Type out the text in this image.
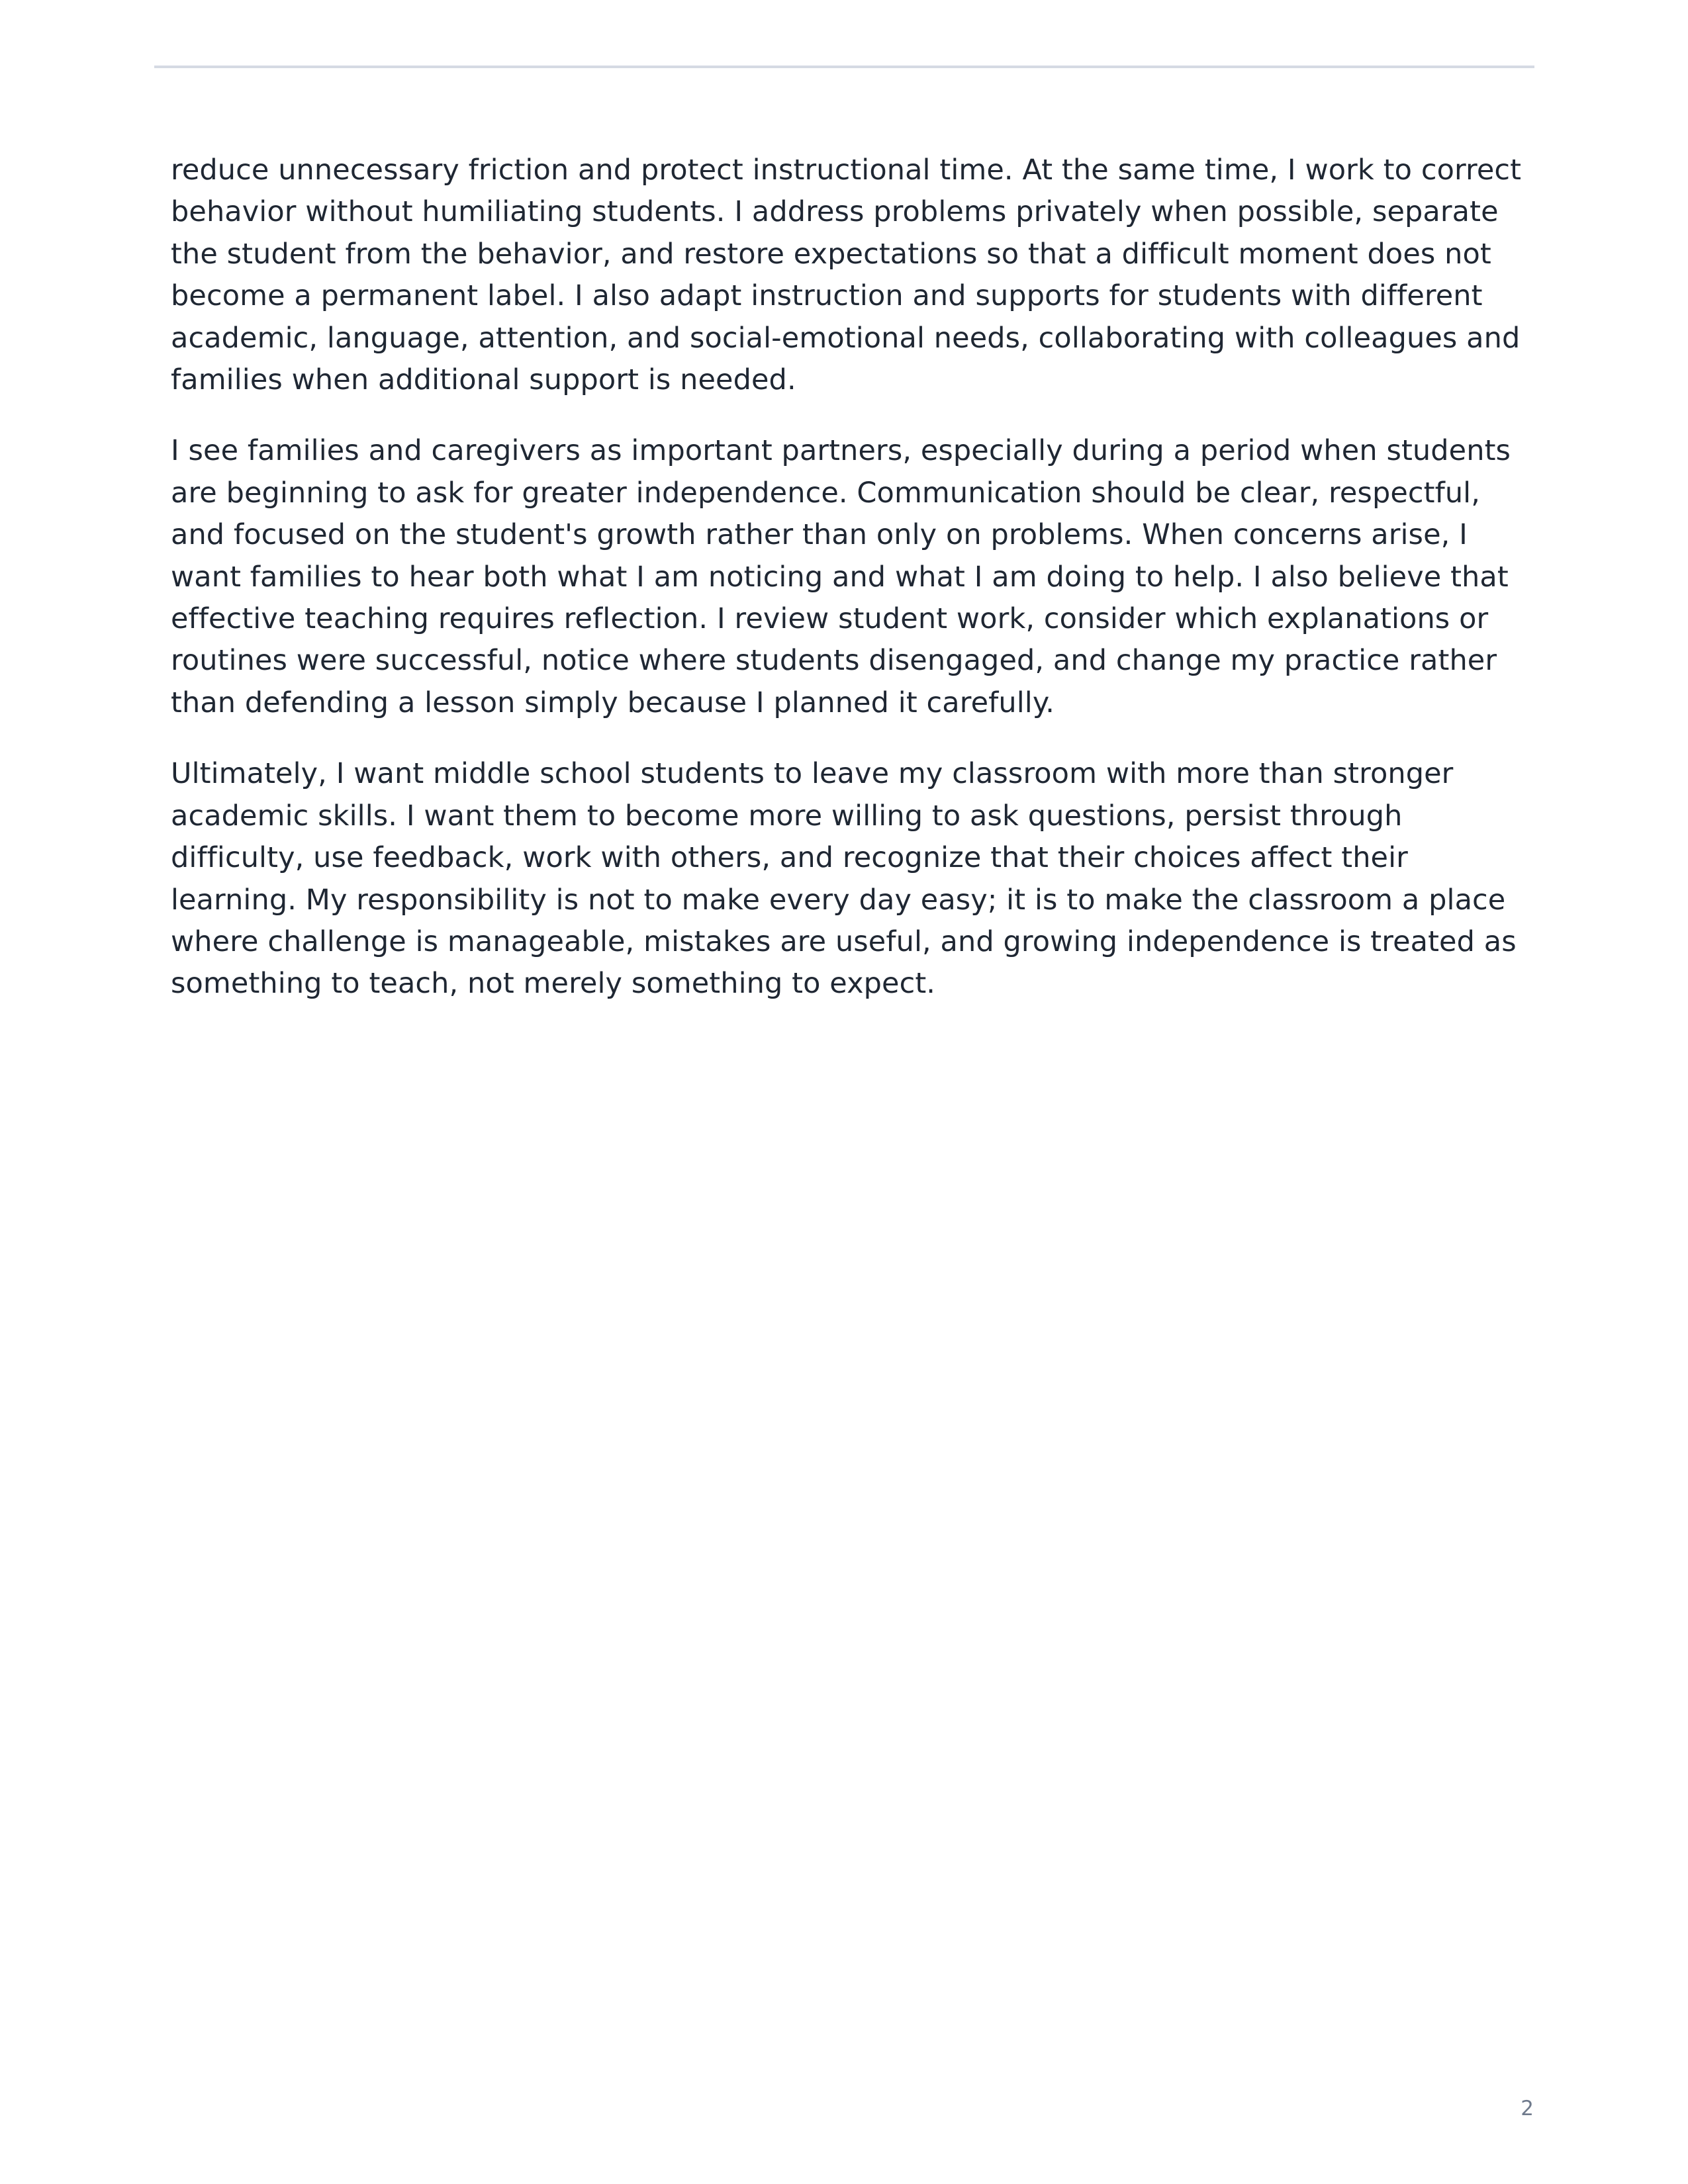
reduce unnecessary friction and protect instructional time. At the same time, I work to correct behavior without humiliating students. I address problems privately when possible, separate the student from the behavior, and restore expectations so that a difficult moment does not become a permanent label. I also adapt instruction and supports for students with different academic, language, attention, and social-emotional needs, collaborating with colleagues and families when additional support is needed.

I see families and caregivers as important partners, especially during a period when students are beginning to ask for greater independence. Communication should be clear, respectful, and focused on the student's growth rather than only on problems. When concerns arise, I want families to hear both what I am noticing and what I am doing to help. I also believe that effective teaching requires reflection. I review student work, consider which explanations or routines were successful, notice where students disengaged, and change my practice rather than defending a lesson simply because I planned it carefully.

Ultimately, I want middle school students to leave my classroom with more than stronger academic skills. I want them to become more willing to ask questions, persist through difficulty, use feedback, work with others, and recognize that their choices affect their learning. My responsibility is not to make every day easy; it is to make the classroom a place where challenge is manageable, mistakes are useful, and growing independence is treated as something to teach, not merely something to expect.

2
